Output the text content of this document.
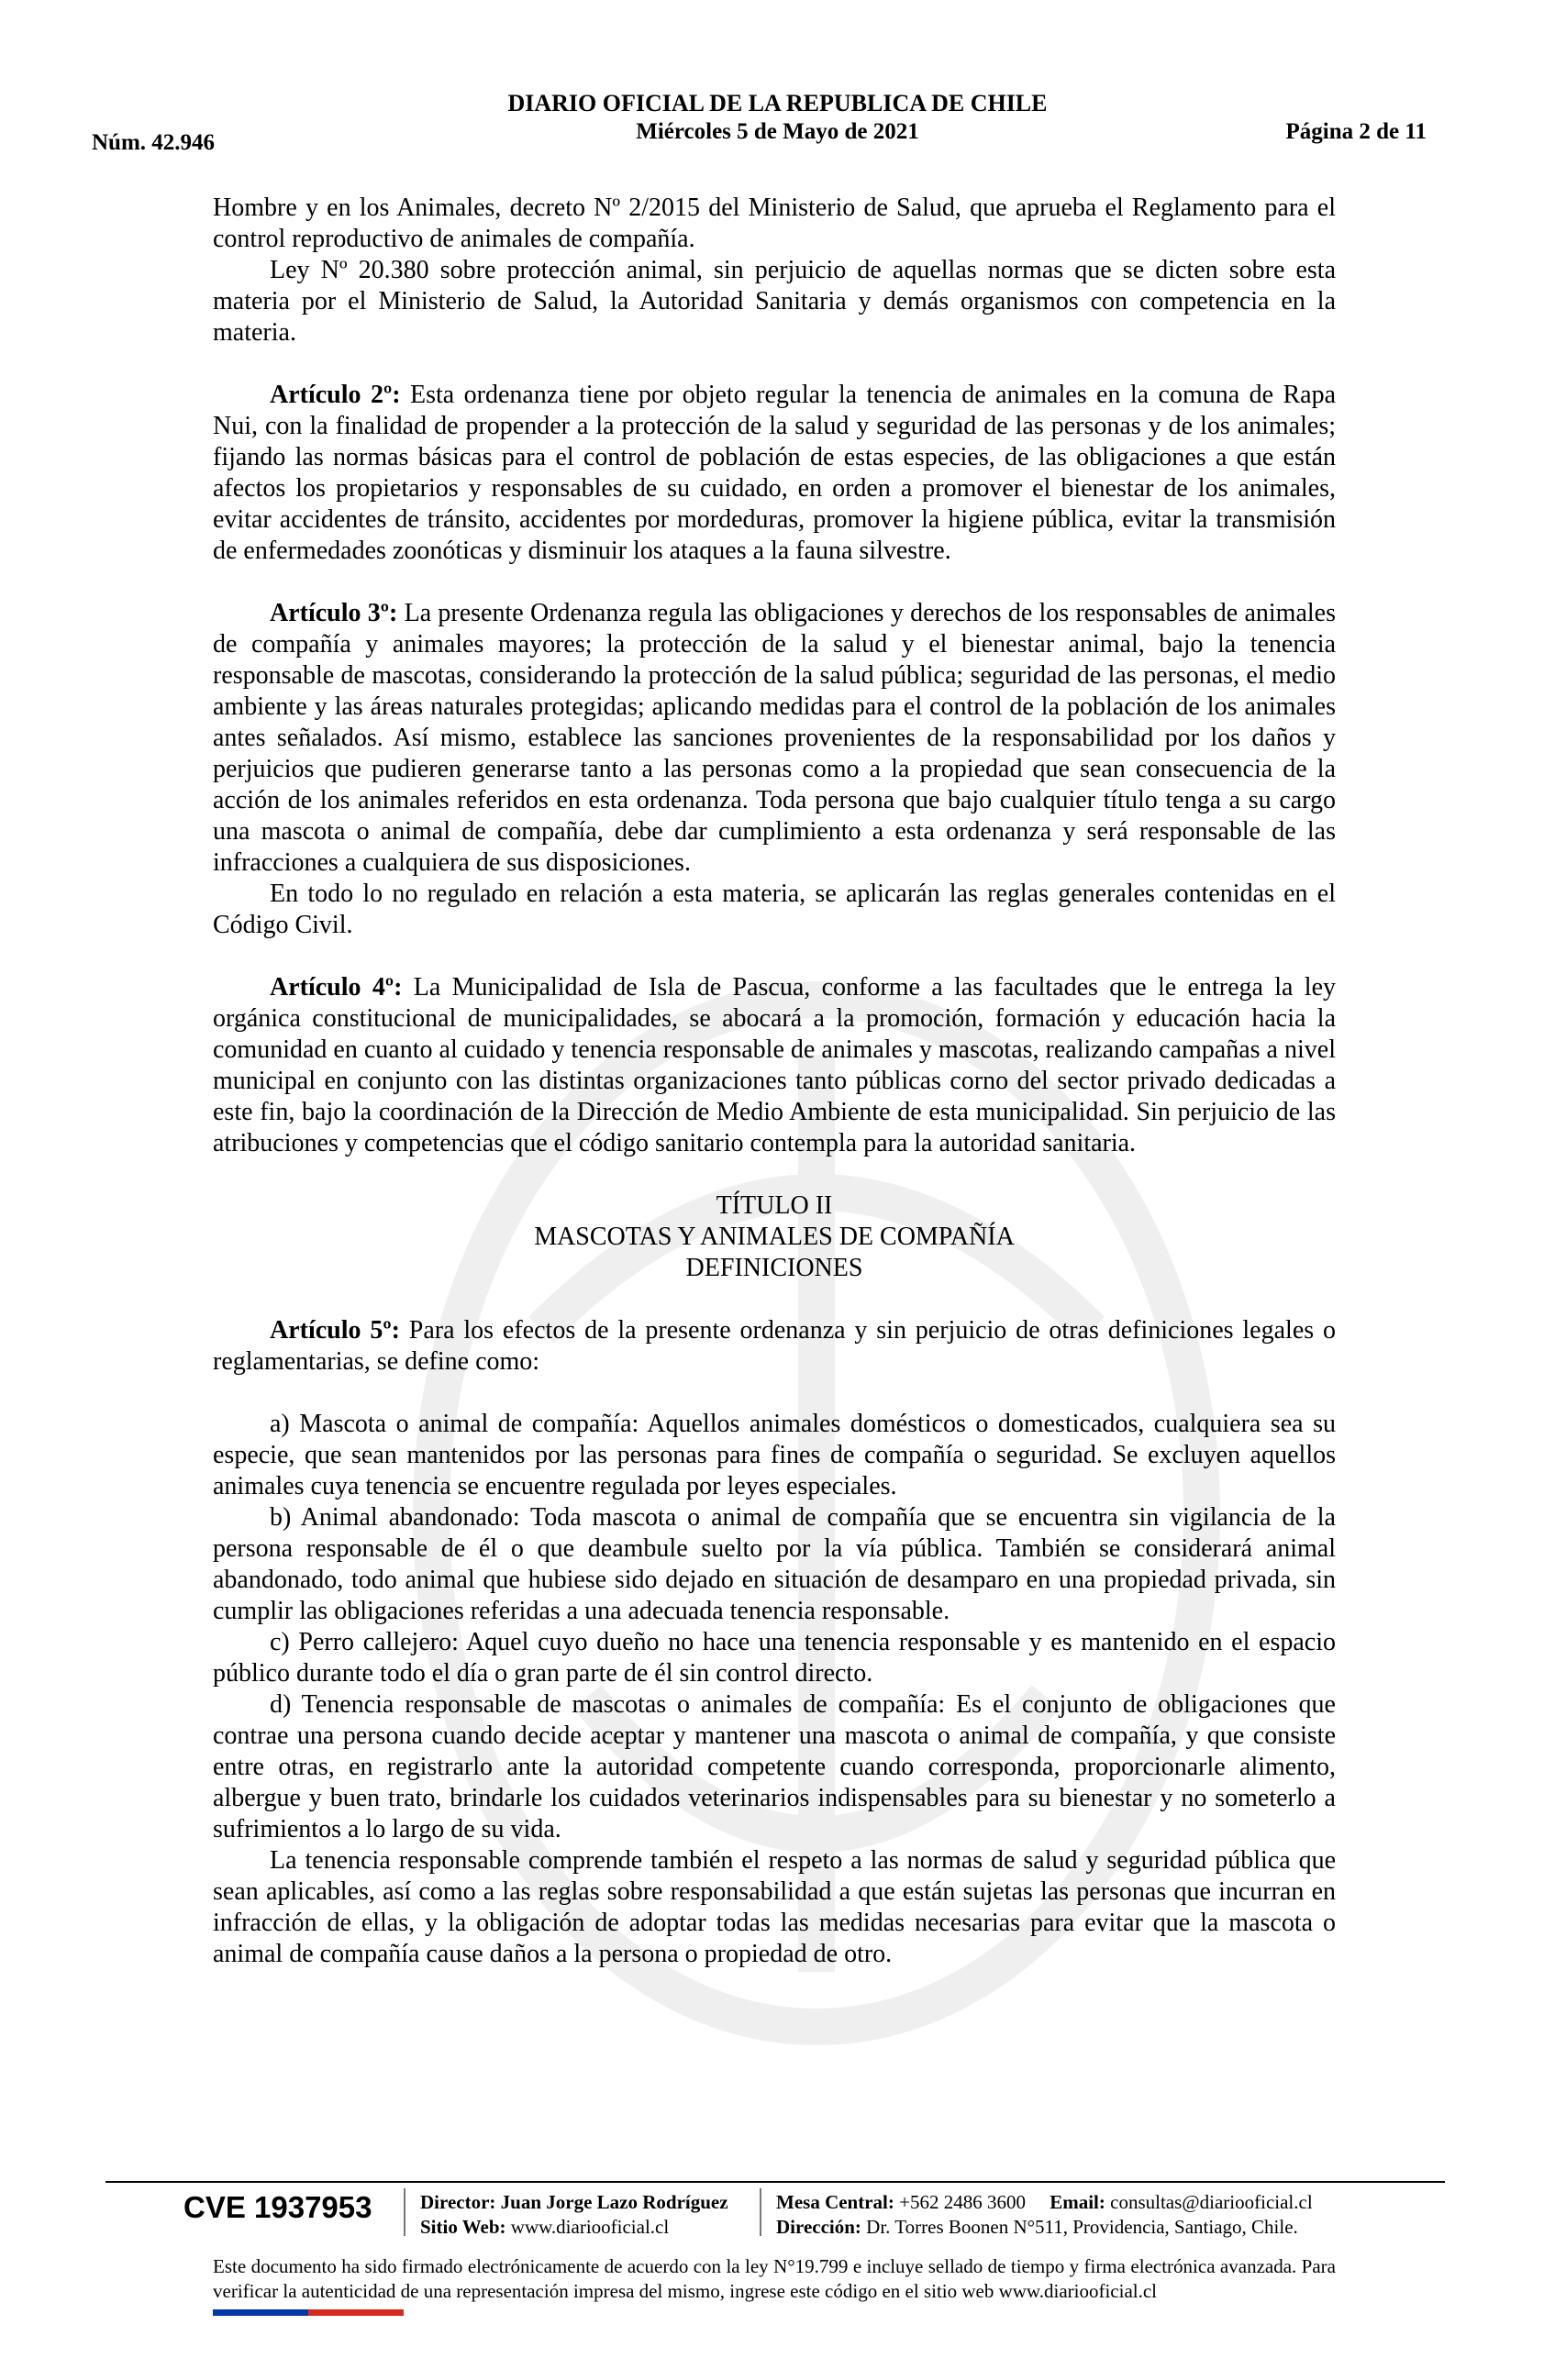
Núm. 42.946
DIARIO OFICIAL DE LA REPUBLICA DE CHILE
Miércoles 5 de Mayo de 2021	Página 2 de 11

Hombre y en los Animales, decreto Nº 2/2015 del Ministerio de Salud, que aprueba el Reglamento para el control reproductivo de animales de compañía.

Ley Nº 20.380 sobre protección animal, sin perjuicio de aquellas normas que se dicten sobre esta materia por el Ministerio de Salud, la Autoridad Sanitaria y demás organismos con competencia en la materia.

Artículo 2º: Esta ordenanza tiene por objeto regular la tenencia de animales en la comuna de Rapa Nui, con la finalidad de propender a la protección de la salud y seguridad de las personas y de los animales; fijando las normas básicas para el control de población de estas especies, de las obligaciones a que están afectos los propietarios y responsables de su cuidado, en orden a promover el bienestar de los animales, evitar accidentes de tránsito, accidentes por mordeduras, promover la higiene pública, evitar la transmisión de enfermedades zoonóticas y disminuir los ataques a la fauna silvestre.

Artículo 3º: La presente Ordenanza regula las obligaciones y derechos de los responsables de animales de compañía y animales mayores; la protección de la salud y el bienestar animal, bajo la tenencia responsable de mascotas, considerando la protección de la salud pública; seguridad de las personas, el medio ambiente y las áreas naturales protegidas; aplicando medidas para el control de la población de los animales antes señalados. Así mismo, establece las sanciones provenientes de la responsabilidad por los daños y perjuicios que pudieren generarse tanto a las personas como a la propiedad que sean consecuencia de la acción de los animales referidos en esta ordenanza. Toda persona que bajo cualquier título tenga a su cargo una mascota o animal de compañía, debe dar cumplimiento a esta ordenanza y será responsable de las infracciones a cualquiera de sus disposiciones.

En todo lo no regulado en relación a esta materia, se aplicarán las reglas generales contenidas en el Código Civil.

Artículo 4º: La Municipalidad de Isla de Pascua, conforme a las facultades que le entrega la ley orgánica constitucional de municipalidades, se abocará a la promoción, formación y educación hacia la comunidad en cuanto al cuidado y tenencia responsable de animales y mascotas, realizando campañas a nivel municipal en conjunto con las distintas organizaciones tanto públicas corno del sector privado dedicadas a este fin, bajo la coordinación de la Dirección de Medio Ambiente de esta municipalidad. Sin perjuicio de las atribuciones y competencias que el código sanitario contempla para la autoridad sanitaria.

TÍTULO II

MASCOTAS Y ANIMALES DE COMPAÑÍA

DEFINICIONES

Artículo 5º: Para los efectos de la presente ordenanza y sin perjuicio de otras definiciones legales o reglamentarias, se define como:

a) Mascota o animal de compañía: Aquellos animales domésticos o domesticados, cualquiera sea su especie, que sean mantenidos por las personas para fines de compañía o seguridad. Se excluyen aquellos animales cuya tenencia se encuentre regulada por leyes especiales.

b) Animal abandonado: Toda mascota o animal de compañía que se encuentra sin vigilancia de la persona responsable de él o que deambule suelto por la vía pública. También se considerará animal abandonado, todo animal que hubiese sido dejado en situación de desamparo en una propiedad privada, sin cumplir las obligaciones referidas a una adecuada tenencia responsable.

c) Perro callejero: Aquel cuyo dueño no hace una tenencia responsable y es mantenido en el espacio público durante todo el día o gran parte de él sin control directo.

d) Tenencia responsable de mascotas o animales de compañía: Es el conjunto de obligaciones que contrae una persona cuando decide aceptar y mantener una mascota o animal de compañía, y que consiste entre otras, en registrarlo ante la autoridad competente cuando corresponda, proporcionarle alimento, albergue y buen trato, brindarle los cuidados veterinarios indispensables para su bienestar y no someterlo a sufrimientos a lo largo de su vida.

La tenencia responsable comprende también el respeto a las normas de salud y seguridad pública que sean aplicables, así como a las reglas sobre responsabilidad a que están sujetas las personas que incurran en infracción de ellas, y la obligación de adoptar todas las medidas necesarias para evitar que la mascota o animal de compañía cause daños a la persona o propiedad de otro.

CVE 1937953	Director: Juan Jorge Lazo Rodríguez
Sitio Web: www.diariooficial.cl
Mesa Central: +562 2486 3600 Email: consultas@diariooficial.cl
Dirección: Dr. Torres Boonen N°511, Providencia, Santiago, Chile.
Este documento ha sido firmado electrónicamente de acuerdo con la ley N°19.799 e incluye sellado de tiempo y firma electrónica avanzada. Para verificar la autenticidad de una representación impresa del mismo, ingrese este código en el sitio web www.diariooficial.cl
